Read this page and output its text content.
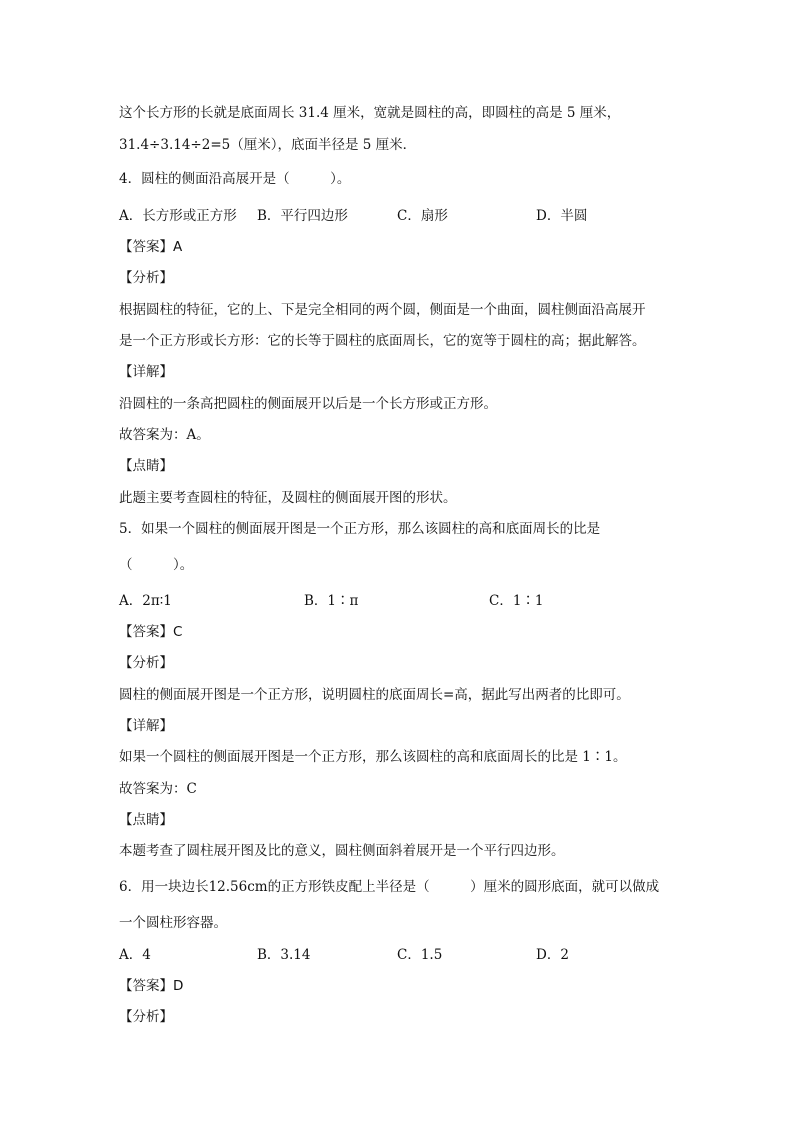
这个长方形的长就是底面周长 31.4 厘米，宽就是圆柱的高，即圆柱的高是 5 厘米，
31.4÷3.14÷2=5（厘米），底面半径是 5 厘米．
4．圆柱的侧面沿高展开是（　　　）。
A．长方形或正方形 B．平行四边形	C．扇形	D．半圆
【答案】A
【分析】
根据圆柱的特征，它的上、下是完全相同的两个圆，侧面是一个曲面，圆柱侧面沿高展开
是一个正方形或长方形：它的长等于圆柱的底面周长，它的宽等于圆柱的高；据此解答。
【详解】
沿圆柱的一条高把圆柱的侧面展开以后是一个长方形或正方形。
故答案为：A。
【点睛】
此题主要考查圆柱的特征，及圆柱的侧面展开图的形状。
5．如果一个圆柱的侧面展开图是一个正方形，那么该圆柱的高和底面周长的比是
（　　　）。
A．2π∶1	B．1∶π	C．1∶1
【答案】C
【分析】
圆柱的侧面展开图是一个正方形，说明圆柱的底面周长=高，据此写出两者的比即可。
【详解】
如果一个圆柱的侧面展开图是一个正方形，那么该圆柱的高和底面周长的比是 1∶1。
故答案为：C
【点睛】
本题考查了圆柱展开图及比的意义，圆柱侧面斜着展开是一个平行四边形。
6．用一块边长12.56cm的正方形铁皮配上半径是（　　　）厘米的圆形底面，就可以做成
一个圆柱形容器。
A．4	B．3.14	C．1.5	D．2
【答案】D
【分析】
